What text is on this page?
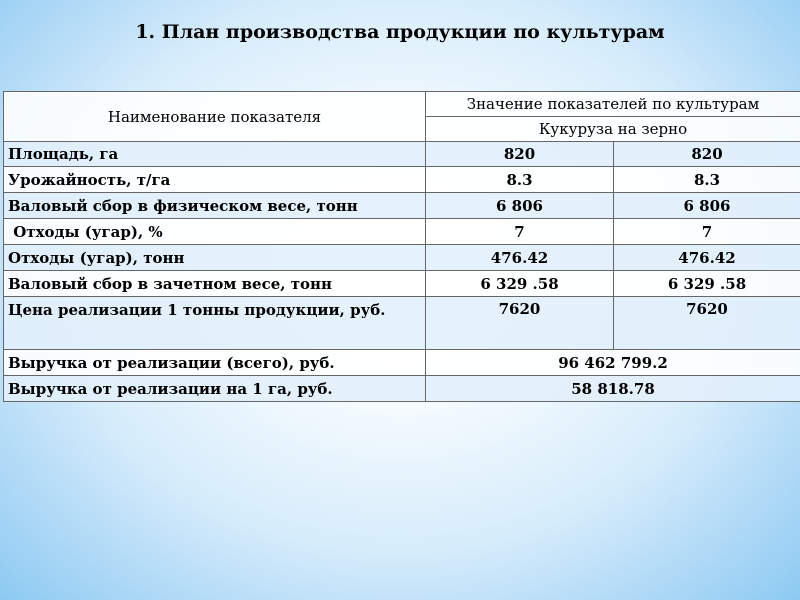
1. План производства продукции по культурам
Наименование показателя	Значение показателей по культурам	
	Кукуруза на зерно	
Площадь, га	820	820
Урожайность, т/га	8.3	8.3
Валовый сбор в физическом весе, тонн	6 806	6 806
Отходы (угар), %	7	7
Отходы (угар), тонн	476.42	476.42
Валовый сбор в зачетном весе, тонн	6 329 .58	6 329 .58
Цена реализации 1 тонны продукции, руб.	7620	7620
Выручка от реализации (всего), руб.	96 462 799.2	
Выручка от реализации на 1 га, руб.	58 818.78	
